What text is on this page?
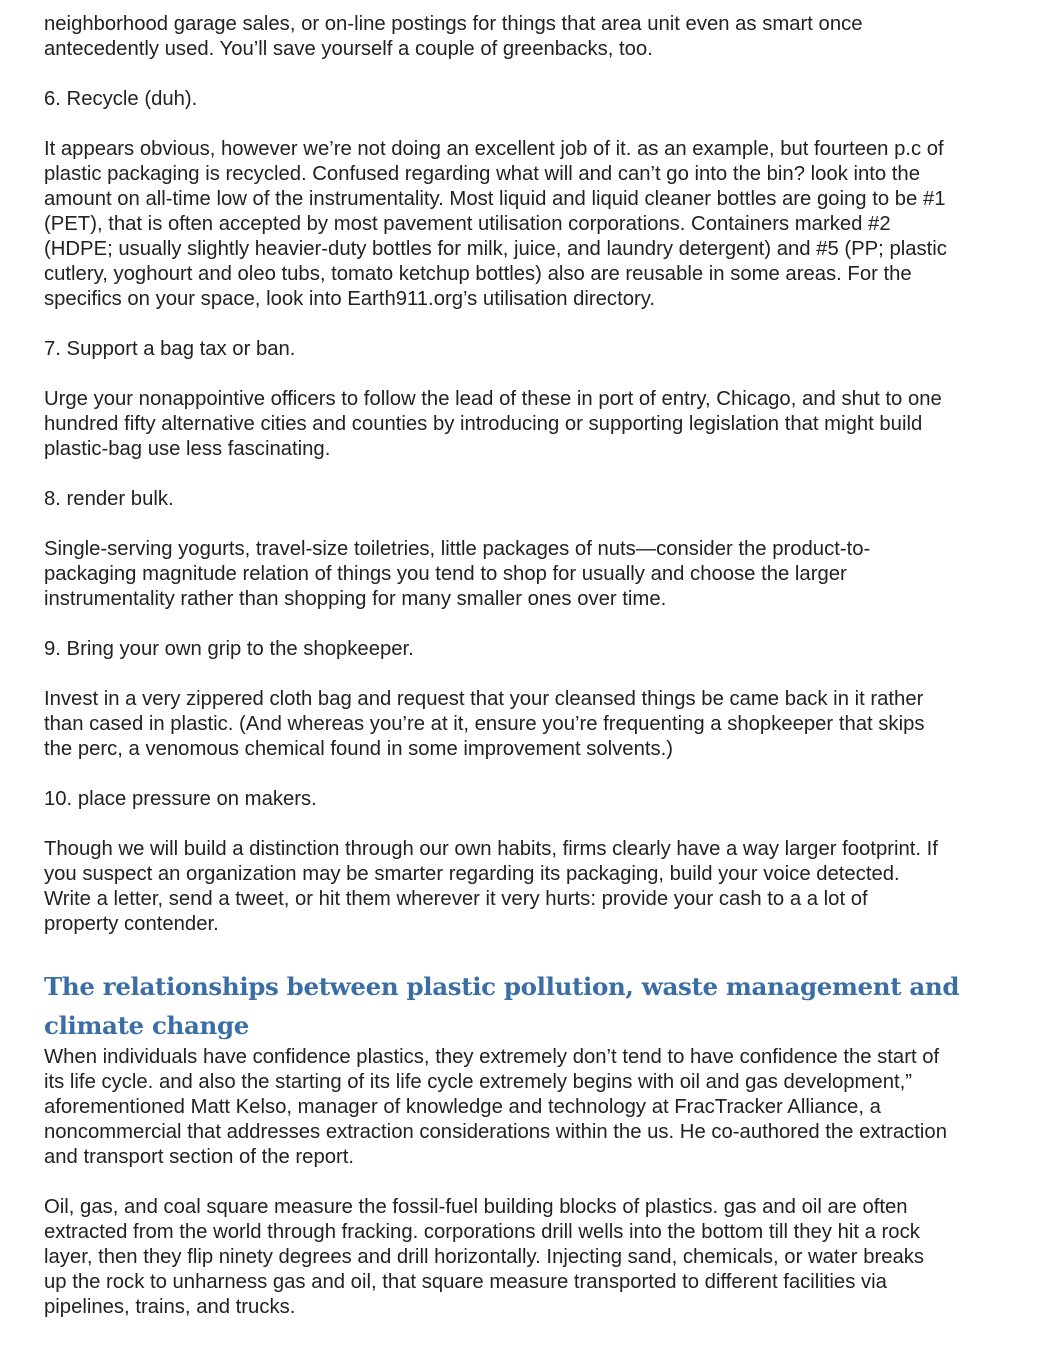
neighborhood garage sales, or on-line postings for things that area unit even as smart once
antecedently used. You’ll save yourself a couple of greenbacks, too.

6. Recycle (duh).

It appears obvious, however we’re not doing an excellent job of it. as an example, but fourteen p.c of
plastic packaging is recycled. Confused regarding what will and can’t go into the bin? look into the
amount on all-time low of the instrumentality. Most liquid and liquid cleaner bottles are going to be #1
(PET), that is often accepted by most pavement utilisation corporations. Containers marked #2
(HDPE; usually slightly heavier-duty bottles for milk, juice, and laundry detergent) and #5 (PP; plastic
cutlery, yoghourt and oleo tubs, tomato ketchup bottles) also are reusable in some areas. For the
specifics on your space, look into Earth911.org’s utilisation directory.

7. Support a bag tax or ban.

Urge your nonappointive officers to follow the lead of these in port of entry, Chicago, and shut to one
hundred fifty alternative cities and counties by introducing or supporting legislation that might build
plastic-bag use less fascinating.

8. render bulk.

Single-serving yogurts, travel-size toiletries, little packages of nuts—consider the product-to-
packaging magnitude relation of things you tend to shop for usually and choose the larger
instrumentality rather than shopping for many smaller ones over time.

9. Bring your own grip to the shopkeeper.

Invest in a very zippered cloth bag and request that your cleansed things be came back in it rather
than cased in plastic. (And whereas you’re at it, ensure you’re frequenting a shopkeeper that skips
the perc, a venomous chemical found in some improvement solvents.)

10. place pressure on makers.

Though we will build a distinction through our own habits, firms clearly have a way larger footprint. If
you suspect an organization may be smarter regarding its packaging, build your voice detected.
Write a letter, send a tweet, or hit them wherever it very hurts: provide your cash to a a lot of
property contender.

The relationships between plastic pollution, waste management and
climate change

When individuals have confidence plastics, they extremely don’t tend to have confidence the start of
its life cycle. and also the starting of its life cycle extremely begins with oil and gas development,”
aforementioned Matt Kelso, manager of knowledge and technology at FracTracker Alliance, a
noncommercial that addresses extraction considerations within the us. He co-authored the extraction
and transport section of the report.

Oil, gas, and coal square measure the fossil-fuel building blocks of plastics. gas and oil are often
extracted from the world through fracking. corporations drill wells into the bottom till they hit a rock
layer, then they flip ninety degrees and drill horizontally. Injecting sand, chemicals, or water breaks
up the rock to unharness gas and oil, that square measure transported to different facilities via
pipelines, trains, and trucks.
